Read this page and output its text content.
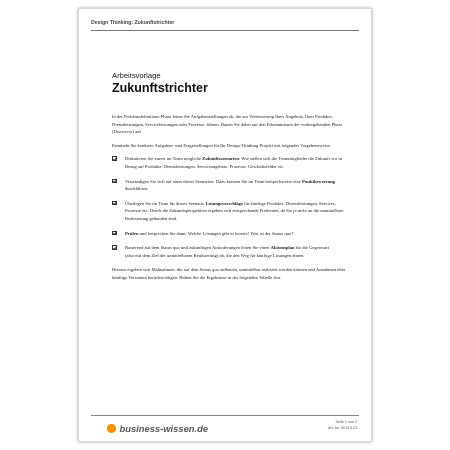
Design Thinking: Zukunftstrichter
Arbeitsvorlage
Zukunftstrichter

In der Problemdefinitions-Phase leiten Sie Aufgabenstellungen ab, die zur Verbesserung Ihres Angebots, Ihrer Produkte, Dienstleistungen, Serviceleistungen oder Prozesse, führen. Bauen Sie dabei auf den Erkenntnissen der vorhergehenden Phase (Discovery) auf.

Ermitteln Sie konkrete Aufgaben- und Fragestellungen für Ihr Design-Thinking-Projekt mit folgender Vorgehensweise:

Diskutieren Sie zuerst im Team mögliche Zukunftsszenarien: Wie stellen sich die Teammitglieder die Zukunft vor in Bezug auf Produkte, Dienstleistungen, Serviceangebote, Prozesse, Geschäftsfelder etc.
Verständigen Sie sich auf eines dieser Szenarien. Dazu können Sie im Team beispielsweise eine Punktbewertung durchführen.
Überlegen Sie im Team für dieses Szenario Lösungsvorschläge für künftige Produkte, Dienstleistungen, Services, Prozesse etc. Durch die Zukunftsperspektive ergeben sich entsprechende Freiheiten, da Sie ja nicht an die unmittelbare Realisierung gebunden sind.
Prüfen und besprechen Sie dann: Welche Lösungen gibt es bereits? Was ist der Status quo?
Basierend auf dem Status quo und zukünftigen Anforderungen leiten Sie einen Aktionsplan für die Gegenwart (also mit dem Ziel der unmittelbaren Realisierung) ab, die den Weg für künftige Lösungen ebnen.

Hieraus ergeben sich Maßnahmen, die auf dem Status quo aufbauen, unmittelbar realisiert werden können und Annahmen über künftige Versionen berücksichtigen. Halten Sie die Ergebnisse in der folgenden Tabelle fest.

business-wissen.de
Seite 1 von 2
Art.-Nr. 99.210.13
